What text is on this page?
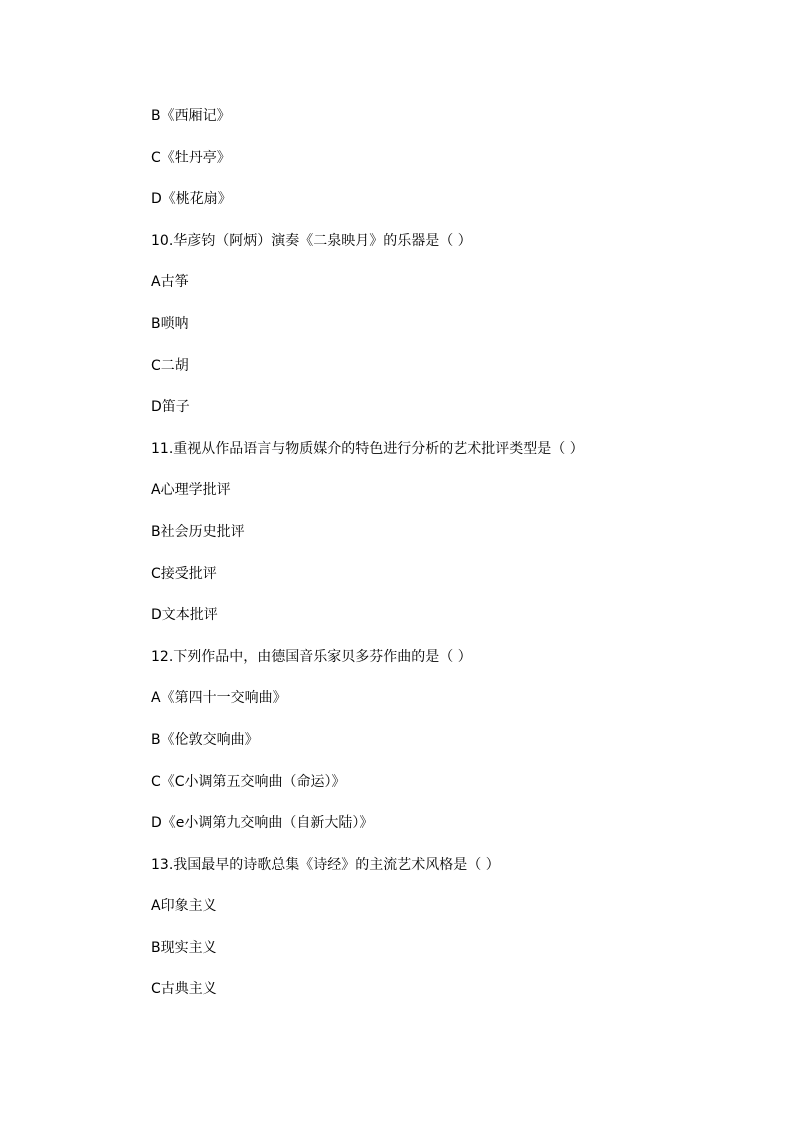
B《西厢记》
C《牡丹亭》
D《桃花扇》
10.华彦钧（阿炳）演奏《二泉映月》的乐器是（ ）
A古筝
B唢呐
C二胡
D笛子
11.重视从作品语言与物质媒介的特色进行分析的艺术批评类型是（ ）
A心理学批评
B社会历史批评
C接受批评
D文本批评
12.下列作品中，由德国音乐家贝多芬作曲的是（ ）
A《第四十一交响曲》
B《伦敦交响曲》
C《C小调第五交响曲（命运）》
D《e小调第九交响曲（自新大陆）》
13.我国最早的诗歌总集《诗经》的主流艺术风格是（ ）
A印象主义
B现实主义
C古典主义
